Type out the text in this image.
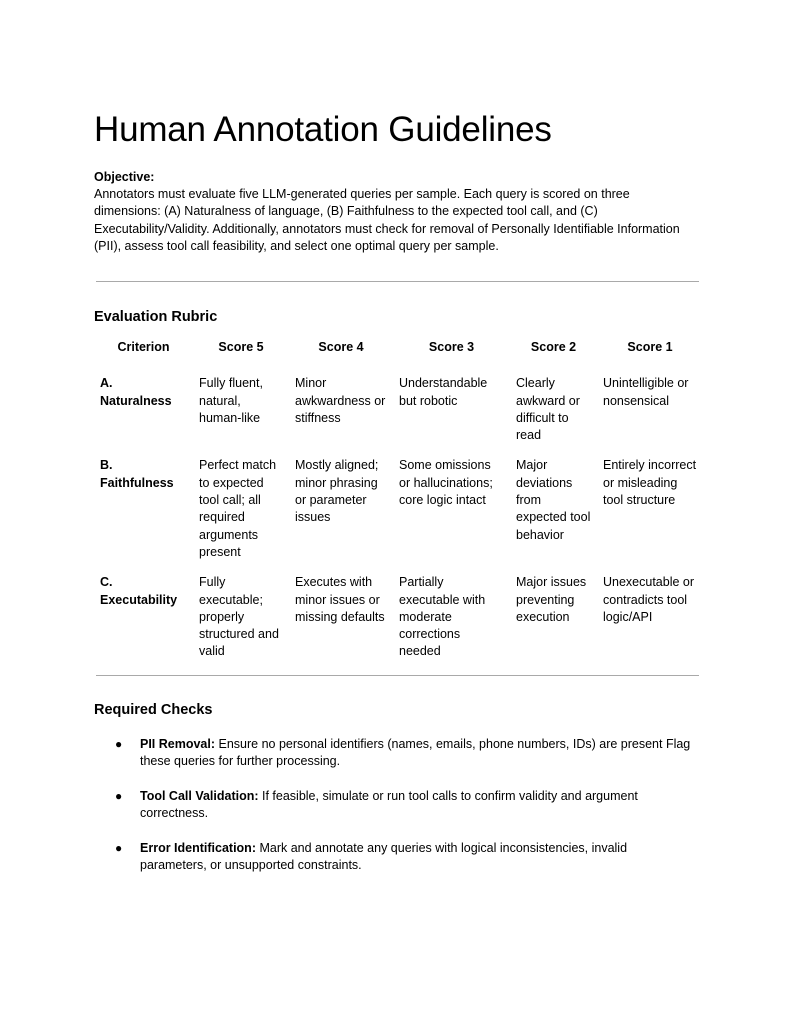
Human Annotation Guidelines

Objective:

Annotators must evaluate five LLM-generated queries per sample. Each query is scored on three dimensions: (A) Naturalness of language, (B) Faithfulness to the expected tool call, and (C) Executability/Validity. Additionally, annotators must check for removal of Personally Identifiable Information (PII), assess tool call feasibility, and select one optimal query per sample.

Evaluation Rubric
Criterion	Score 5	Score 4	Score 3	Score 2	Score 1
A. Naturalness	Fully fluent, natural, human-like	Minor awkwardness or stiffness	Understandable but robotic	Clearly awkward or difficult to read	Unintelligible or nonsensical
B. Faithfulness	Perfect match to expected tool call; all required arguments present	Mostly aligned; minor phrasing or parameter issues	Some omissions or hallucinations; core logic intact	Major deviations from expected tool behavior	Entirely incorrect or misleading tool structure
C. Executability	Fully executable; properly structured and valid	Executes with minor issues or missing defaults	Partially executable with moderate corrections needed	Major issues preventing execution	Unexecutable or contradicts tool logic/API
Required Checks
● PII Removal: Ensure no personal identifiers (names, emails, phone numbers, IDs) are present Flag these queries for further processing.
● Tool Call Validation: If feasible, simulate or run tool calls to confirm validity and argument correctness.
● Error Identification: Mark and annotate any queries with logical inconsistencies, invalid parameters, or unsupported constraints.
